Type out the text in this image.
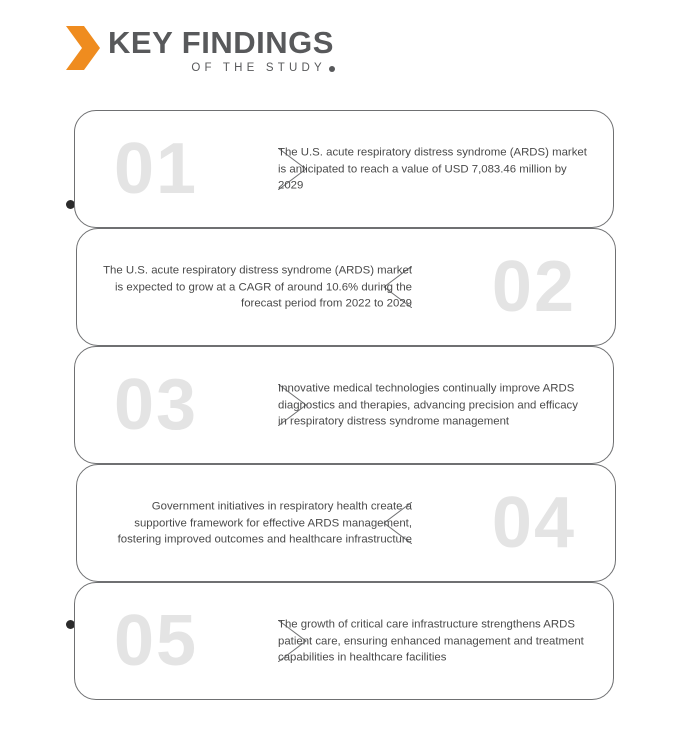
KEY FINDINGS
OF THE STUDY
01	The U.S. acute respiratory distress syndrome (ARDS) market is anticipated to reach a value of USD 7,083.46 million by 2029
02
The U.S. acute respiratory distress syndrome (ARDS) market is expected to grow at a CAGR of around 10.6% during the forecast period from 2022 to 2029
03	Innovative medical technologies continually improve ARDS diagnostics and therapies, advancing precision and efficacy in respiratory distress syndrome management
04
Government initiatives in respiratory health create a supportive framework for effective ARDS management, fostering improved outcomes and healthcare infrastructure
05	The growth of critical care infrastructure strengthens ARDS patient care, ensuring enhanced management and treatment capabilities in healthcare facilities
